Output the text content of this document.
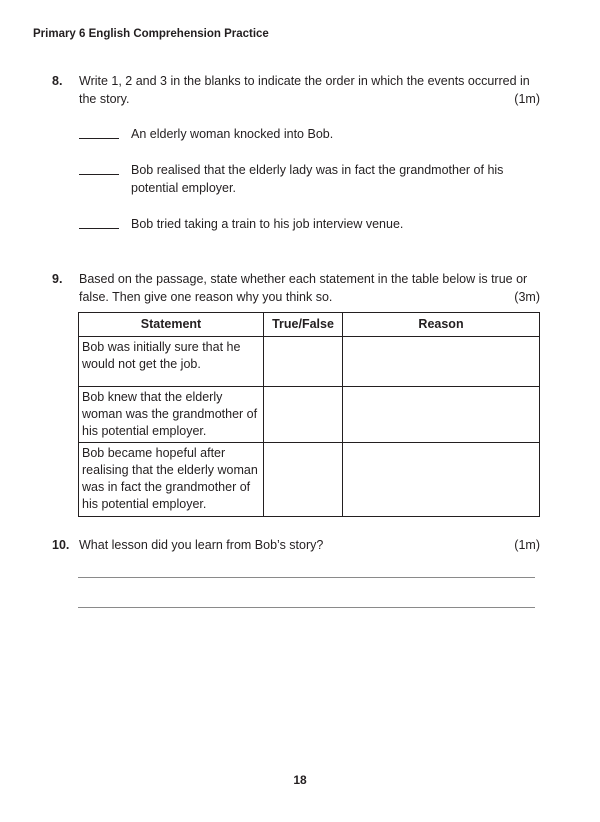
Primary 6 English Comprehension Practice
8. Write 1, 2 and 3 in the blanks to indicate the order in which the events occurred in the story.	(1m)
An elderly woman knocked into Bob.
Bob realised that the elderly lady was in fact the grandmother of his potential employer.
Bob tried taking a train to his job interview venue.
9. Based on the passage, state whether each statement in the table below is true or false. Then give one reason why you think so.	(3m)
Statement	True/False	Reason
Bob was initially sure that he would not get the job.		
Bob knew that the elderly woman was the grandmother of his potential employer.		
Bob became hopeful after realising that the elderly woman was in fact the grandmother of his potential employer.		
10. What lesson did you learn from Bob’s story?	(1m)
18
